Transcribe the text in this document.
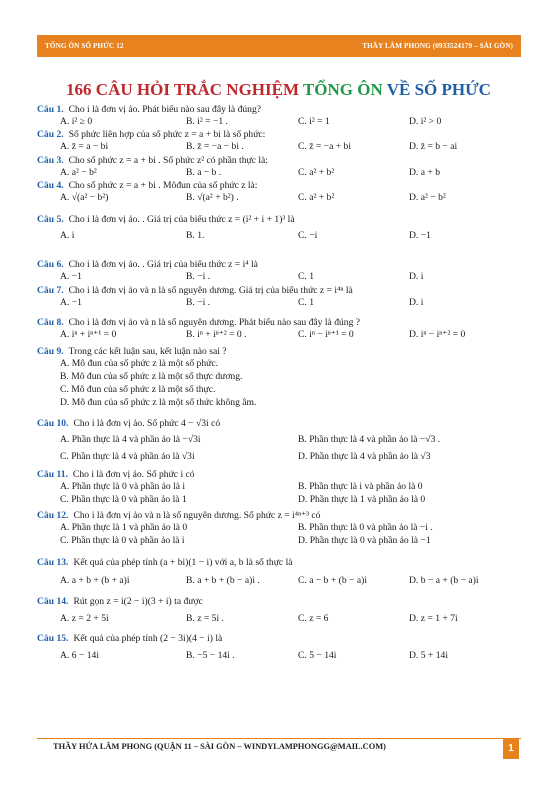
TỔNG ÔN SỐ PHỨC 12	THẦY LÂM PHONG (0933524179 – SÀI GÒN)
166 CÂU HỎI TRẮC NGHIỆM TỔNG ÔN VỀ SỐ PHỨC
Câu 1. Cho i là đơn vị ảo. Phát biểu nào sau đây là đúng?
A. i² ≥ 0	B. i² = −1 .	C. i² = 1	D. i² > 0
Câu 2. Số phức liên hợp của số phức z = a + bi là số phức:
A. z̄ = a − bi	B. z̄ = −a − bi .	C. z̄ = −a + bi	D. z̄ = b − ai
Câu 3. Cho số phức z = a + bi . Số phức z² có phần thực là:
A. a² − b²	B. a − b .	C. a² + b²	D. a + b
Câu 4. Cho số phức z = a + bi . Môđun của số phức z là:
A. √(a² − b²)	B. √(a² + b²) .	C. a² + b²	D. a² − b²
Câu 5. Cho i là đơn vị ảo. . Giá trị của biểu thức z = (i² + i + 1)³ là
A. i	B. 1.	C. −i	D. −1
Câu 6. Cho i là đơn vị ảo. . Giá trị của biểu thức z = i⁴ là
A. −1	B. −i .	C. 1	D. i
Câu 7. Cho i là đơn vị ảo và n là số nguyên dương. Giá trị của biểu thức z = i⁴ⁿ là
A. −1	B. −i .	C. 1	D. i
Câu 8. Cho i là đơn vị ảo và n là số nguyên dương. Phát biểu nào sau đây là đúng ?
A. iⁿ + iⁿ⁺¹ = 0	B. iⁿ + iⁿ⁺² = 0 .	C. iⁿ − iⁿ⁺¹ = 0	D. iⁿ − iⁿ⁺² = 0
Câu 9. Trong các kết luận sau, kết luận nào sai ?
A. Mô đun của số phức z là một số phức.
B. Mô đun của số phức z là một số thực dương.
C. Mô đun của số phức z là một số thực.
D. Mô đun của số phức z là một số thức không âm.
Câu 10. Cho i là đơn vị ảo. Số phức 4 − √3i có
A. Phần thực là 4 và phần ảo là −√3i	B. Phần thực là 4 và phần ảo là −√3 .
C. Phần thực là 4 và phần ảo là √3i	D. Phần thực là 4 và phần ảo là √3
Câu 11. Cho i là đơn vị ảo. Số phức i có
A. Phần thực là 0 và phần ảo là i	B. Phần thực là i và phần ảo là 0
C. Phần thực là 0 và phần ảo là 1	D. Phần thực là 1 và phần ảo là 0
Câu 12. Cho i là đơn vị ảo và n là số nguyên dương. Số phức z = i⁴ⁿ⁺³ có
A. Phần thực là 1 và phần ảo là 0	B. Phần thực là 0 và phần ảo là −i .
C. Phần thực là 0 và phần ảo là i	D. Phần thực là 0 và phần ảo là −1
Câu 13. Kết quả của phép tính (a + bi)(1 − i) với a, b là số thực là
A. a + b + (b + a)i	B. a + b + (b − a)i .	C. a − b + (b − a)i	D. b − a + (b − a)i
Câu 14. Rút gọn z = i(2 − i)(3 + i) ta được
A. z = 2 + 5i	B. z = 5i .	C. z = 6	D. z = 1 + 7i
Câu 15. Kết quả của phép tính (2 − 3i)(4 − i) là
A. 6 − 14i	B. −5 − 14i .	C. 5 − 14i	D. 5 + 14i
THẦY HỨA LÂM PHONG (QUẬN 11 – SÀI GÒN – WINDYLAMPHONGG@MAIL.COM)	1
